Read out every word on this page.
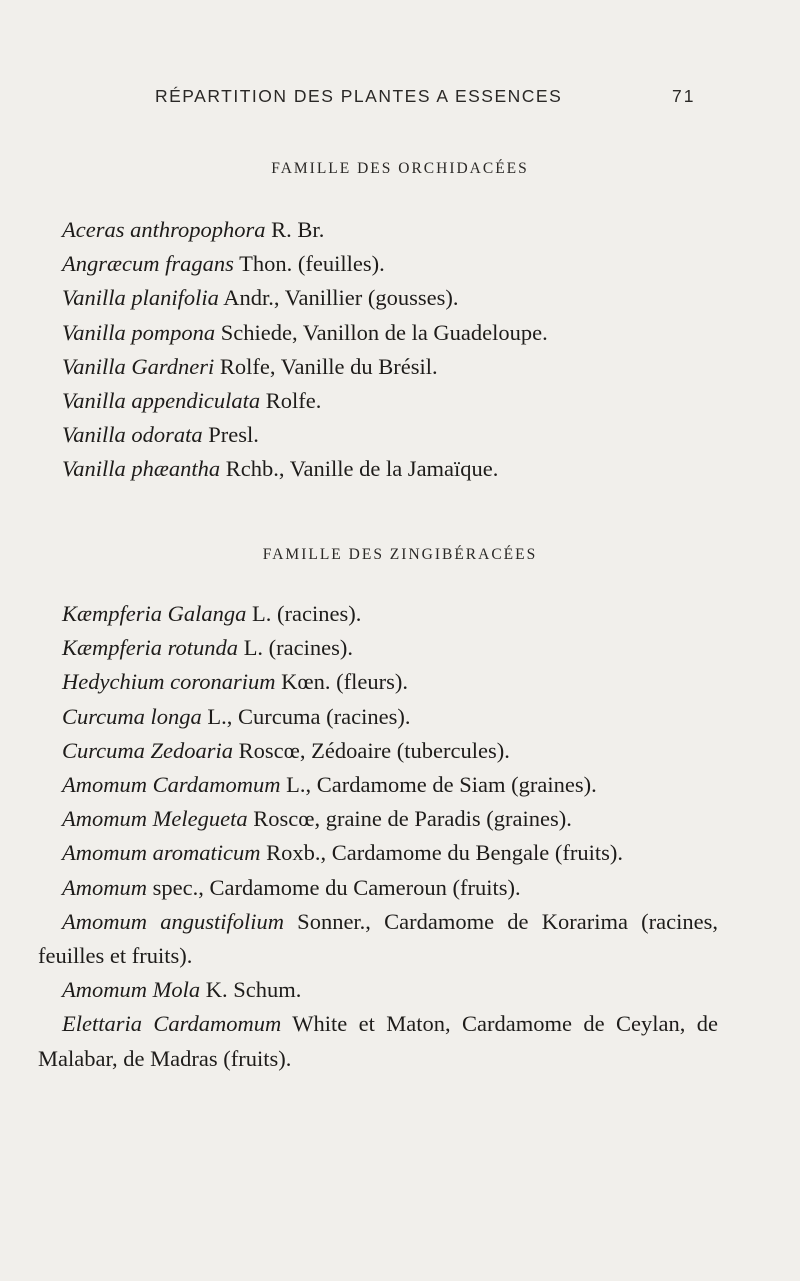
RÉPARTITION DES PLANTES A ESSENCES	71
FAMILLE DES ORCHIDACÉES
Aceras anthropophora R. Br.
Angræcum fragans Thon. (feuilles).
Vanilla planifolia Andr., Vanillier (gousses).
Vanilla pompona Schiede, Vanillon de la Guadeloupe.
Vanilla Gardneri Rolfe, Vanille du Brésil.
Vanilla appendiculata Rolfe.
Vanilla odorata Presl.
Vanilla phæantha Rchb., Vanille de la Jamaïque.
FAMILLE DES ZINGIBÉRACÉES
Kæmpferia Galanga L. (racines).
Kæmpferia rotunda L. (racines).
Hedychium coronarium Kœn. (fleurs).
Curcuma longa L., Curcuma (racines).
Curcuma Zedoaria Roscœ, Zédoaire (tubercules).
Amomum Cardamomum L., Cardamome de Siam (graines).
Amomum Melegueta Roscœ, graine de Paradis (graines).
Amomum aromaticum Roxb., Cardamome du Bengale (fruits).
Amomum spec., Cardamome du Cameroun (fruits).
Amomum angustifolium Sonner., Cardamome de Korarima (racines, feuilles et fruits).
Amomum Mola K. Schum.
Elettaria Cardamomum White et Maton, Cardamome de Ceylan, de Malabar, de Madras (fruits).
